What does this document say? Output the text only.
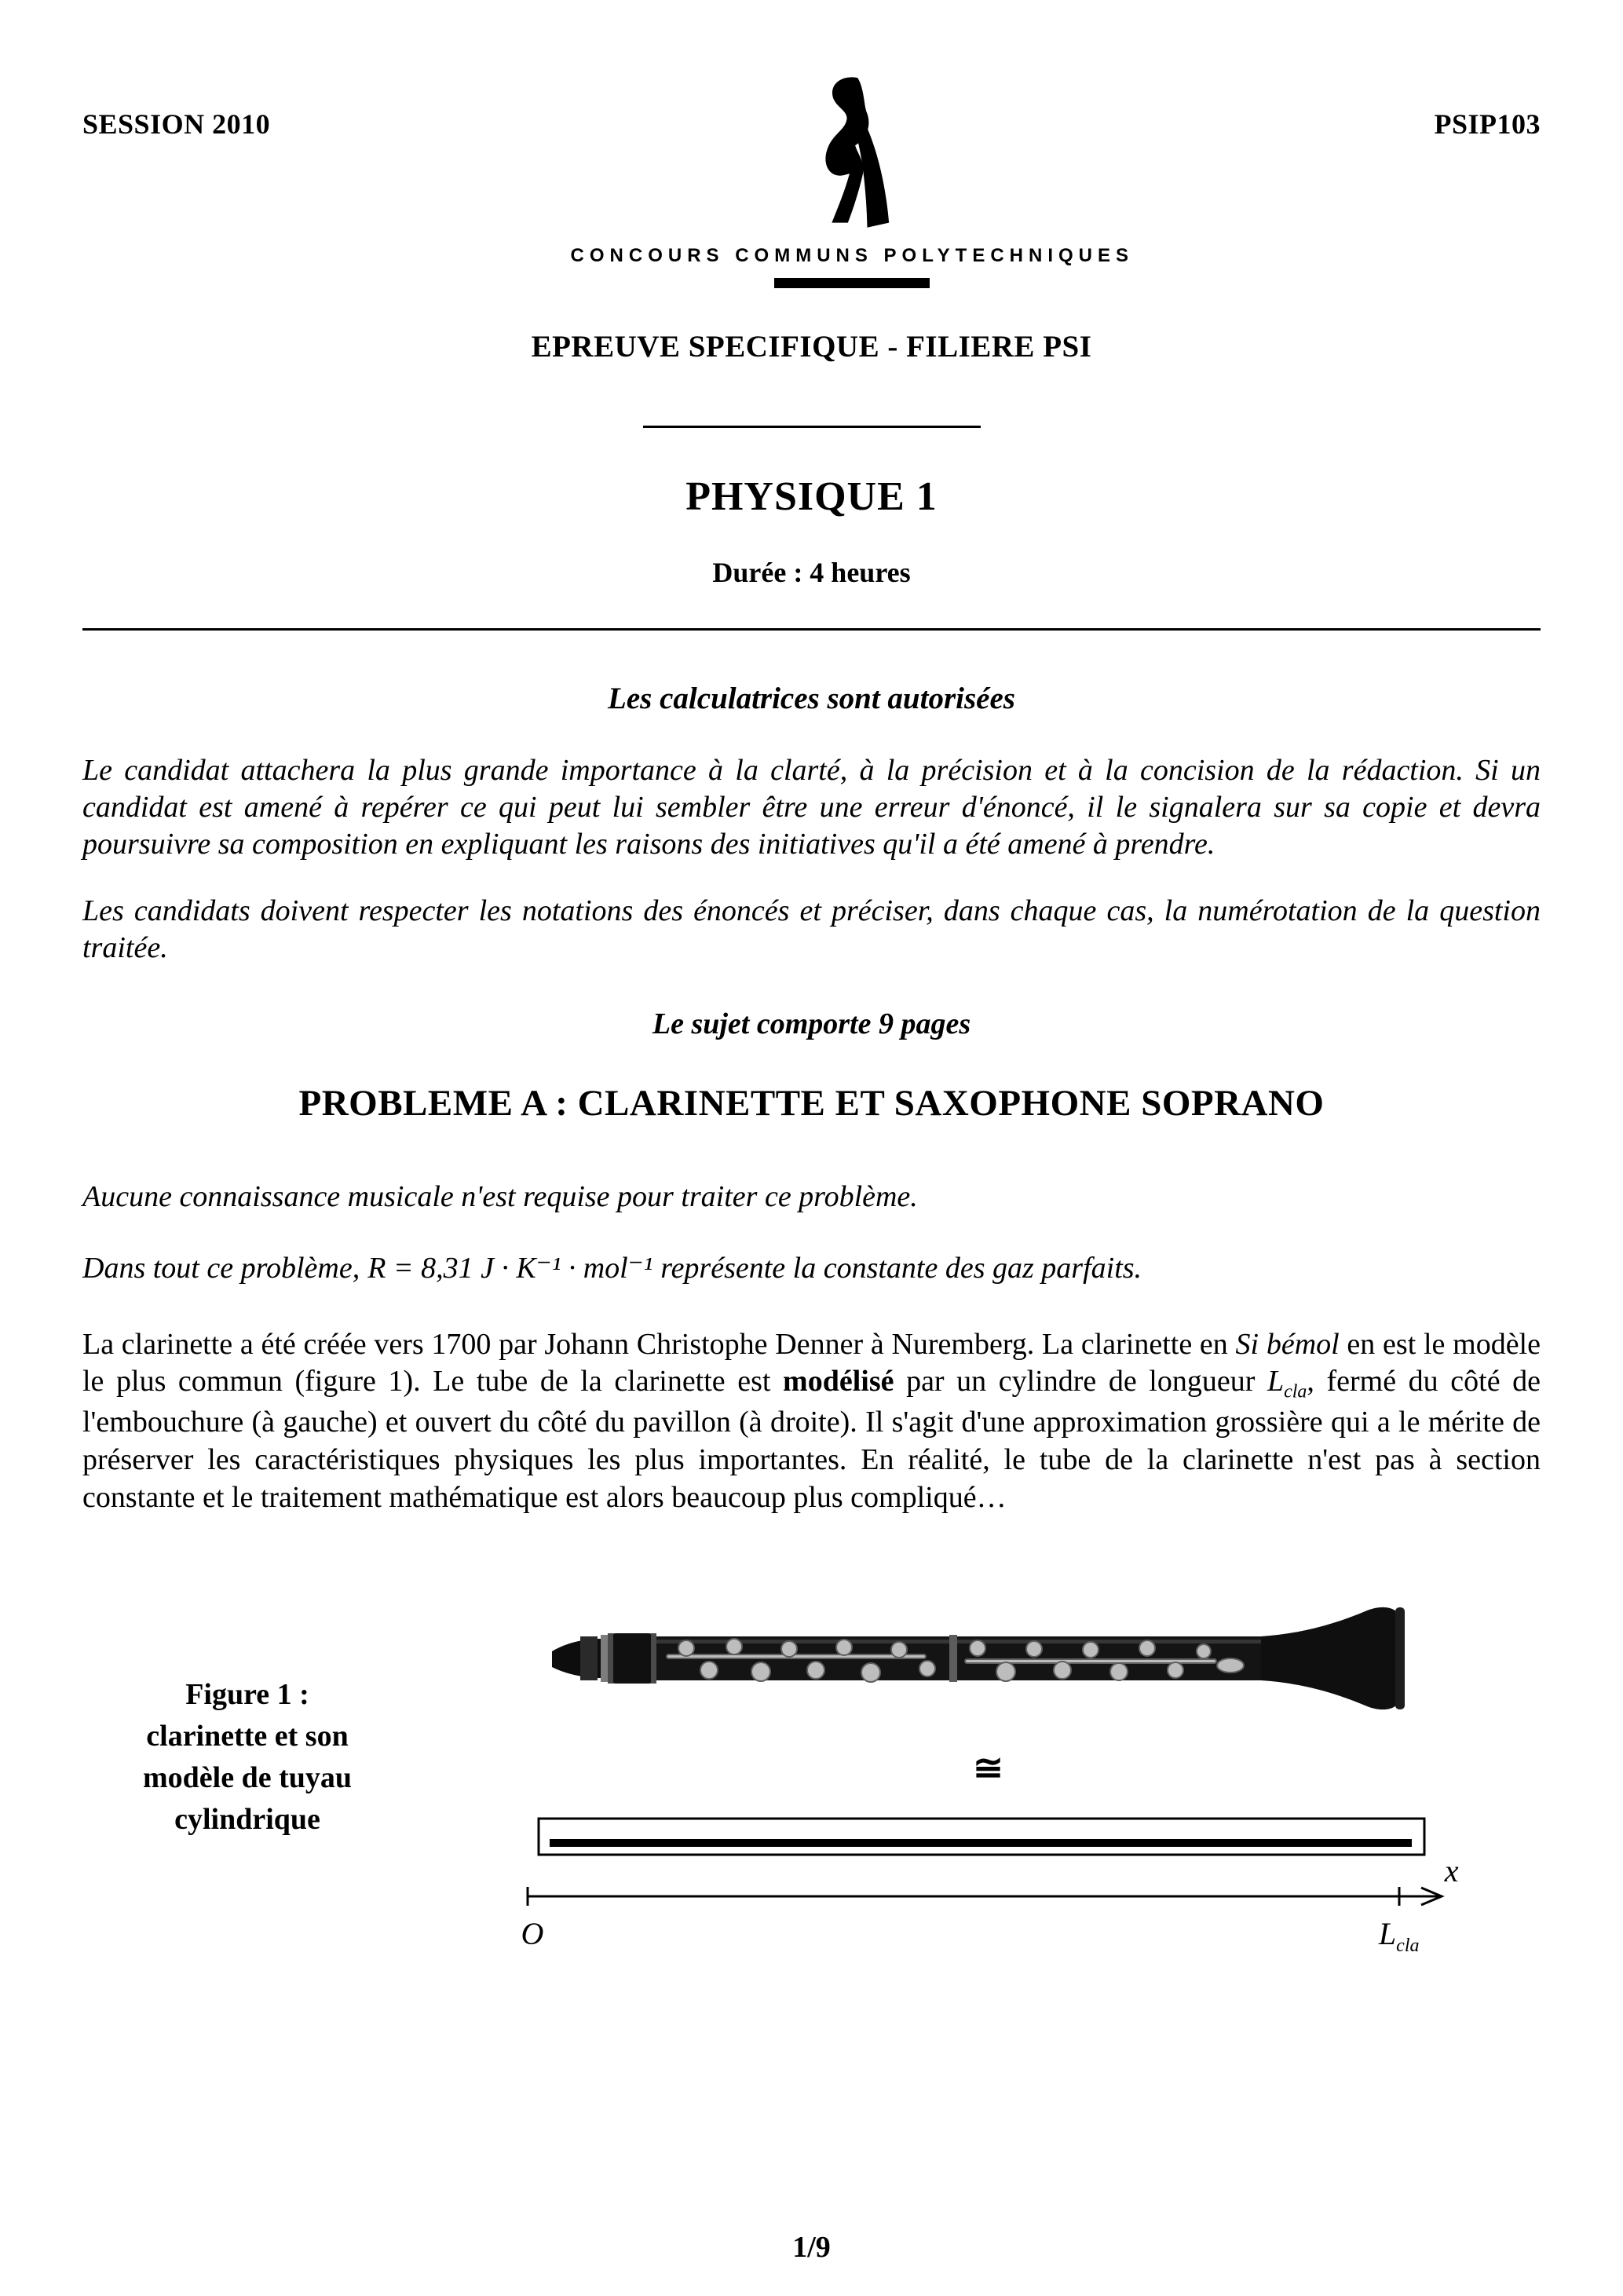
SESSION 2010
CONCOURS COMMUNS POLYTECHNIQUES
PSIP103
EPREUVE SPECIFIQUE - FILIERE PSI
PHYSIQUE 1
Durée : 4 heures
Les calculatrices sont autorisées

Le candidat attachera la plus grande importance à la clarté, à la précision et à la concision de la rédaction. Si un candidat est amené à repérer ce qui peut lui sembler être une erreur d'énoncé, il le signalera sur sa copie et devra poursuivre sa composition en expliquant les raisons des initiatives qu'il a été amené à prendre.

Les candidats doivent respecter les notations des énoncés et préciser, dans chaque cas, la numérotation de la question traitée.

Le sujet comporte 9 pages
PROBLEME A : CLARINETTE ET SAXOPHONE SOPRANO

Aucune connaissance musicale n'est requise pour traiter ce problème.

Dans tout ce problème, R = 8,31 J · K⁻¹ · mol⁻¹ représente la constante des gaz parfaits.

La clarinette a été créée vers 1700 par Johann Christophe Denner à Nuremberg. La clarinette en Si bémol en est le modèle le plus commun (figure 1). Le tube de la clarinette est modélisé par un cylindre de longueur $L_{cla}$, fermé du côté de l'embouchure (à gauche) et ouvert du côté du pavillon (à droite). Il s'agit d'une approximation grossière qui a le mérite de préserver les caractéristiques physiques les plus importantes. En réalité, le tube de la clarinette n'est pas à section constante et le traitement mathématique est alors beaucoup plus compliqué…

Figure 1 :
clarinette et son
modèle de tuyau
cylindrique
≅
x
O	$L_{cla}$
1/9
